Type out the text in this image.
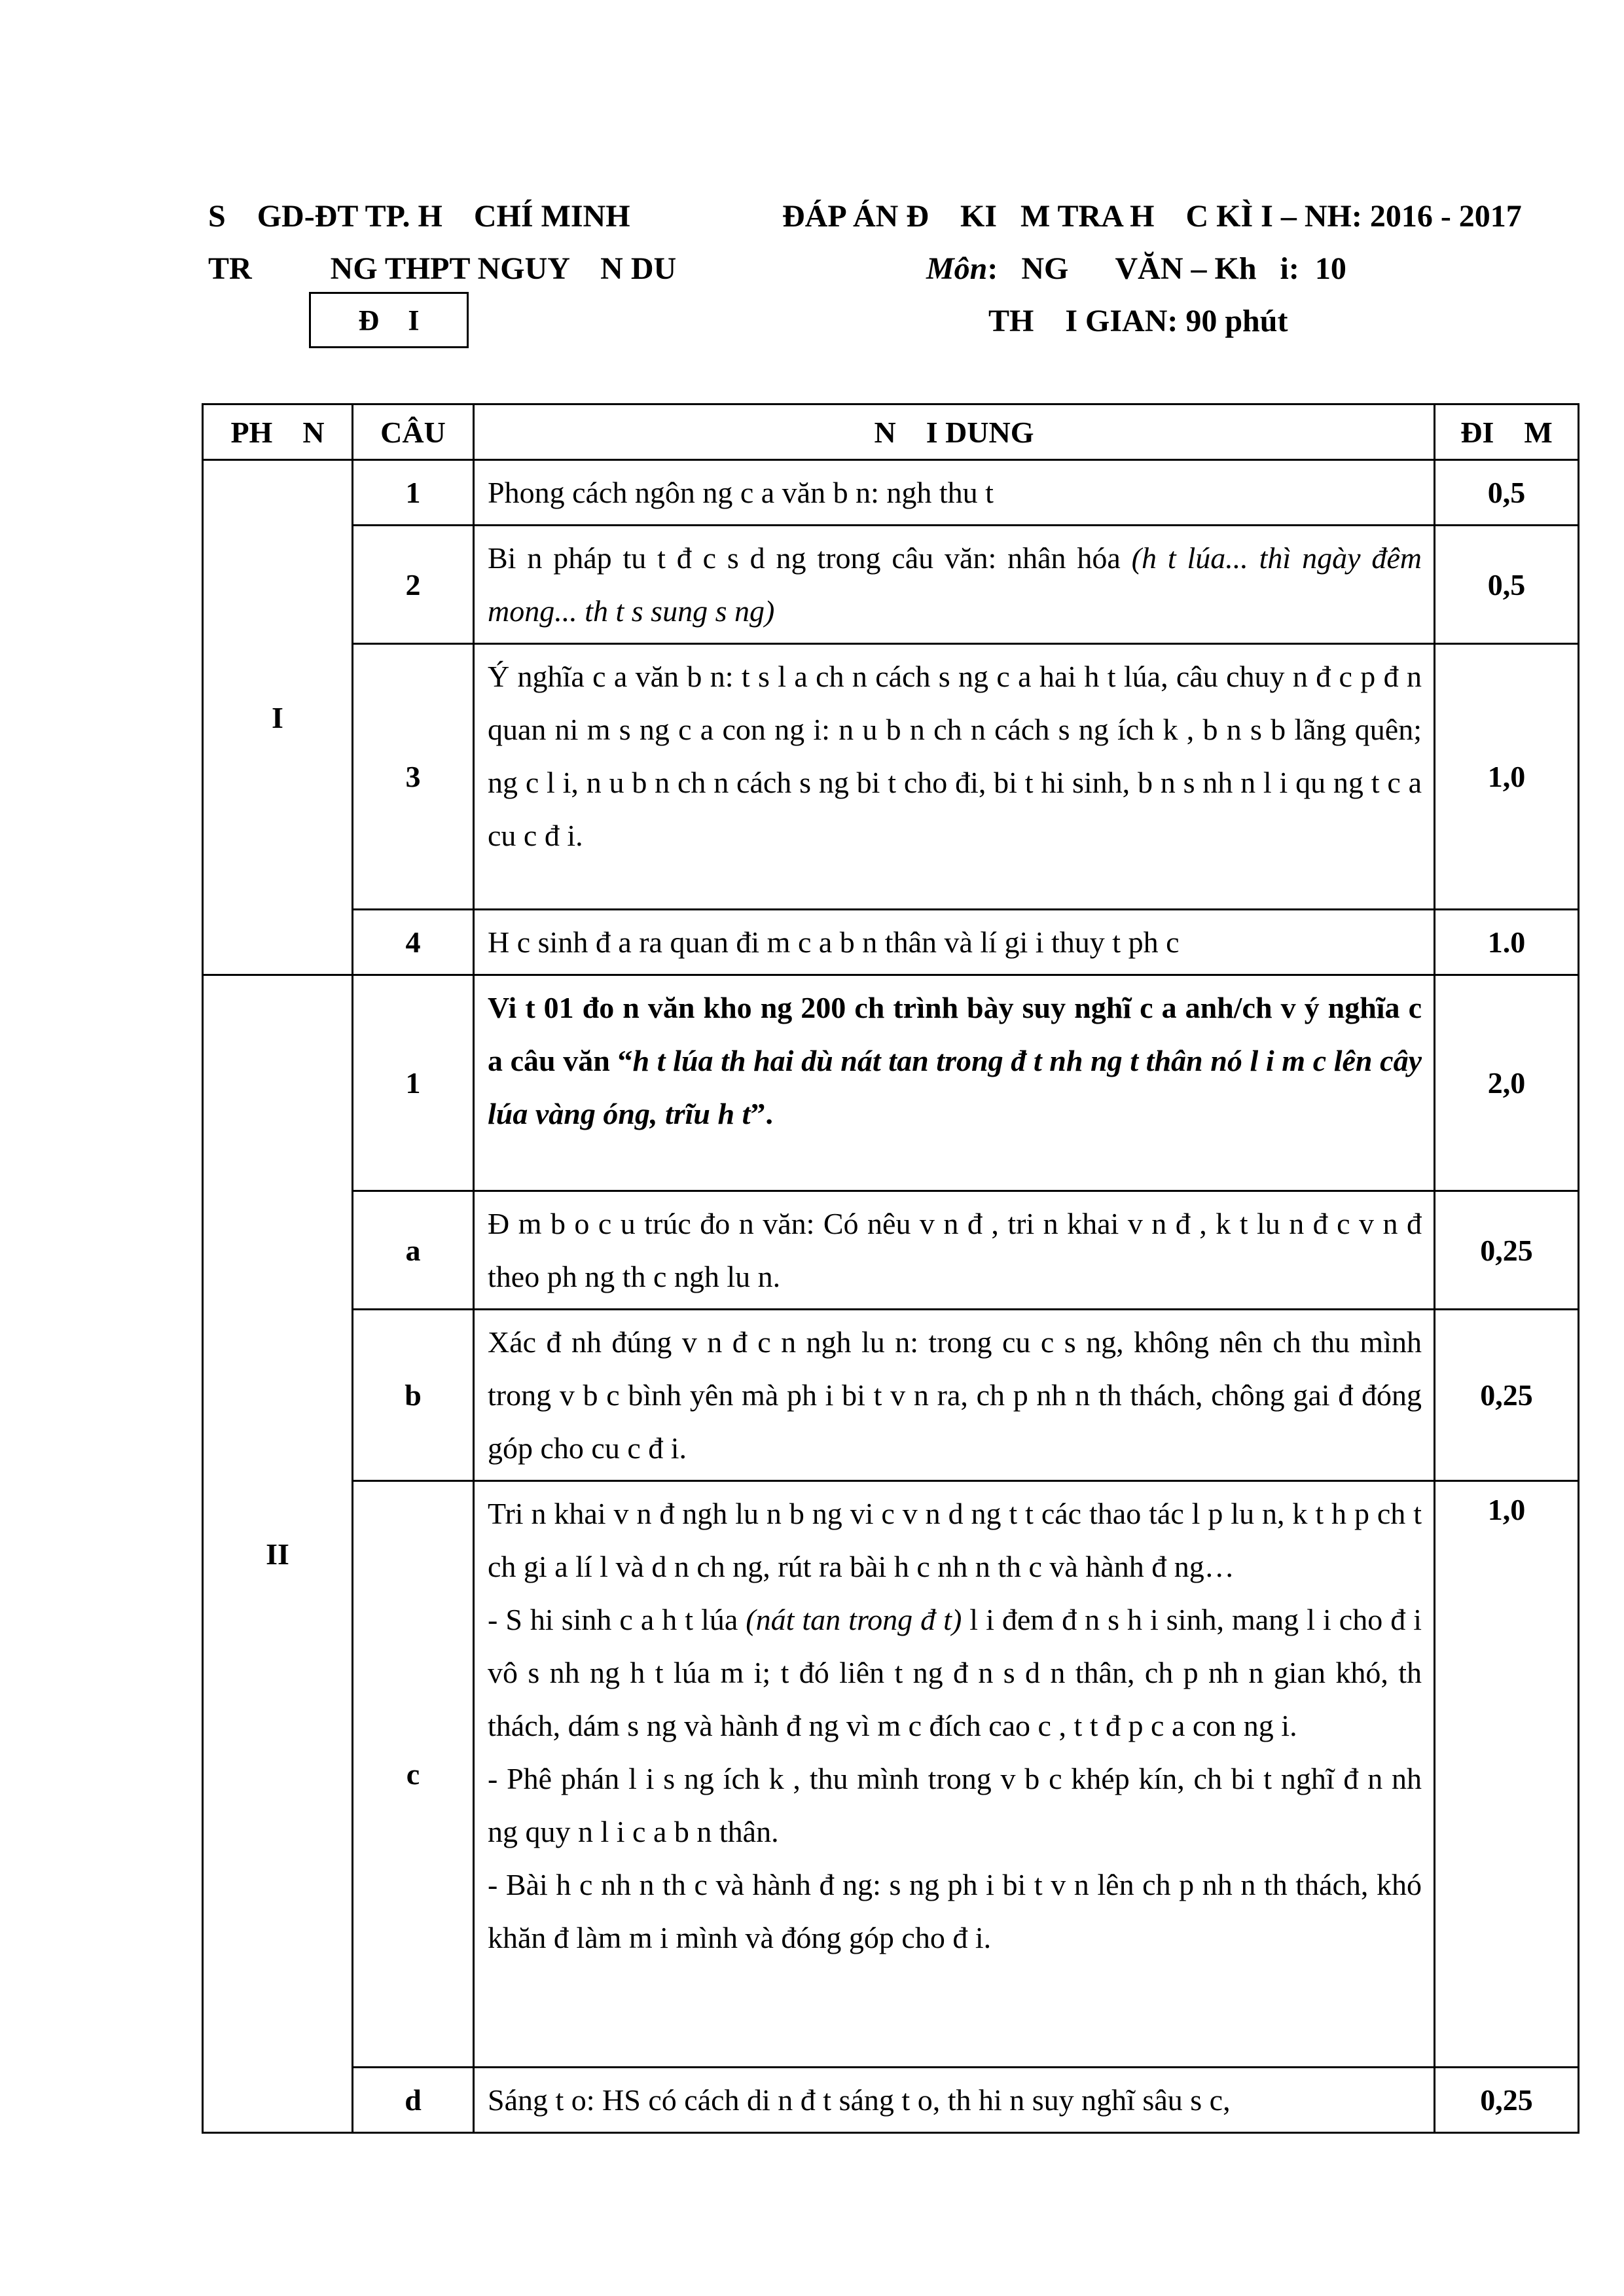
S    GD-ĐT TP. H    CHÍ MINH	ĐÁP ÁN Đ    KI   M TRA H    C KÌ I – NH: 2016 - 2017
TR          NG THPT NGUY    N DU	Môn:   NG      VĂN – Kh   i:  10
Đ    I	TH    I GIAN: 90 phút
PH    N	CÂU	N    I DUNG	ĐI    M
I	1	Phong cách ngôn ng c a văn b n: ngh thu t	0,5
	2	Bi n pháp tu t đ c s d ng trong câu văn: nhân hóa (h t lúa... thì ngày đêm mong... th t s sung s ng)	0,5
	3	Ý nghĩa c a văn b n: t s l a ch n cách s ng c a hai h t lúa, câu chuy n đ c p đ n quan ni m s ng c a con ng i: n u b n ch n cách s ng ích k , b n s b lãng quên; ng c l i, n u b n ch n cách s ng bi t cho đi, bi t hi sinh, b n s nh n l i qu ng t c a cu c đ i.	1,0
	4	H c sinh đ a ra quan đi m c a b n thân và lí gi i thuy t ph c	1.0
II	1	Vi t 01 đo n văn kho ng 200 ch trình bày suy nghĩ c a anh/ch v ý nghĩa c a câu văn “h t lúa th hai dù nát tan trong đ t nh ng t thân nó l i m c lên cây lúa vàng óng, trĩu h t”.	2,0
	a	Đ m b o c u trúc đo n văn: Có nêu v n đ , tri n khai v n đ , k t lu n đ c v n đ theo ph ng th c ngh lu n.	0,25
	b	Xác đ nh đúng v n đ c n ngh lu n: trong cu c s ng, không nên ch thu mình trong v b c bình yên mà ph i bi t v n ra, ch p nh n th thách, chông gai đ đóng góp cho cu c đ i.	0,25
	c	Tri n khai v n đ ngh lu n b ng vi c v n d ng t t các thao tác l p lu n, k t h p ch t ch gi a lí l và d n ch ng, rút ra bài h c nh n th c và hành đ ng…
- S hi sinh c a h t lúa (nát tan trong đ t) l i đem đ n s h i sinh, mang l i cho đ i vô s nh ng h t lúa m i; t đó liên t ng đ n s d n thân, ch p nh n gian khó, th thách, dám s ng và hành đ ng vì m c đích cao c , t t đ p c a con ng i.
- Phê phán l i s ng ích k , thu mình trong v b c khép kín, ch bi t nghĩ đ n nh ng quy n l i c a b n thân.
- Bài h c nh n th c và hành đ ng: s ng ph i bi t v n lên ch p nh n th thách, khó khăn đ làm m i mình và đóng góp cho đ i.	1,0
	d	Sáng t o: HS có cách di n đ t sáng t o, th hi n suy nghĩ sâu s c,	0,25
